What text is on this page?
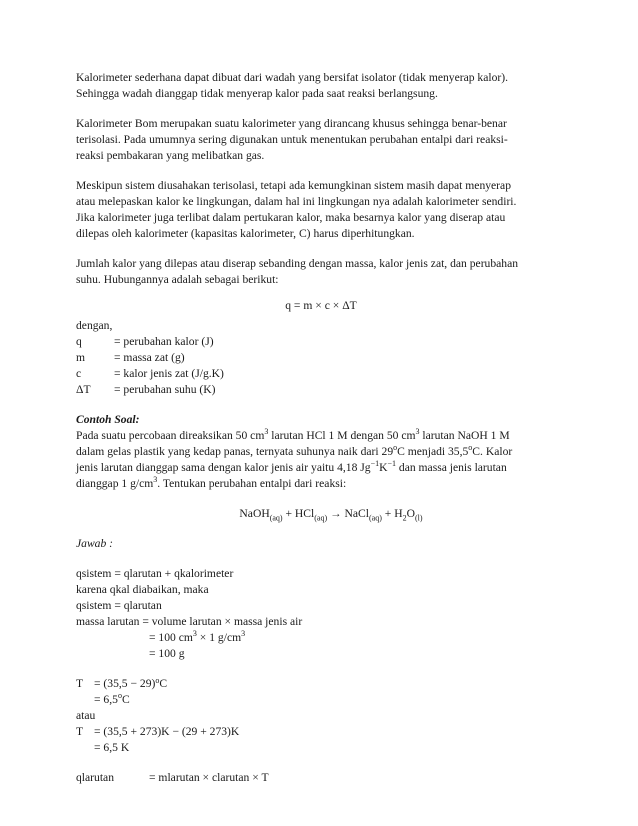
Kalorimeter sederhana dapat dibuat dari wadah yang bersifat isolator (tidak menyerap kalor).

Sehingga wadah dianggap tidak menyerap kalor pada saat reaksi berlangsung.

Kalorimeter Bom merupakan suatu kalorimeter yang dirancang khusus sehingga benar-benar

terisolasi. Pada umumnya sering digunakan untuk menentukan perubahan entalpi dari reaksi-

reaksi pembakaran yang melibatkan gas.

Meskipun sistem diusahakan terisolasi, tetapi ada kemungkinan sistem masih dapat menyerap

atau melepaskan kalor ke lingkungan, dalam hal ini lingkungan nya adalah kalorimeter sendiri.

Jika kalorimeter juga terlibat dalam pertukaran kalor, maka besarnya kalor yang diserap atau

dilepas oleh kalorimeter (kapasitas kalorimeter, C) harus diperhitungkan.

Jumlah kalor yang dilepas atau diserap sebanding dengan massa, kalor jenis zat, dan perubahan

suhu. Hubungannya adalah sebagai berikut:

q = m × c × ΔT

dengan,

q	= perubahan kalor (J)
m	= massa zat (g)
c	= kalor jenis zat (J/g.K)
ΔT	= perubahan suhu (K)

Contoh Soal:

Pada suatu percobaan direaksikan 50 $cm^3$ larutan HCl 1 M dengan 50 $cm^3$ larutan NaOH 1 M

dalam gelas plastik yang kedap panas, ternyata suhunya naik dari 29$^o$C menjadi 35,5$^o$C. Kalor

jenis larutan dianggap sama dengan kalor jenis air yaitu 4,18 $Jg^{-1}K^{-1}$ dan massa jenis larutan

dianggap 1 $g/cm^3$. Tentukan perubahan entalpi dari reaksi:

NaOH$_{(aq)}$ + HCl$_{(aq)}$ → NaCl$_{(aq)}$ + $H_2O_{(l)}$

Jawab :

qsistem = qlarutan + qkalorimeter

karena qkal diabaikan, maka

qsistem = qlarutan

massa larutan = volume larutan × massa jenis air

= 100 $cm^3 \times 1$ $g/cm^3$

= 100 g

T = (35,5 − 29) o C

= $6,5^oC$

atau

T = (35,5 + 273)K − (29 + 273)K

= 6,5 K

qlarutan	= mlarutan × clarutan × T
